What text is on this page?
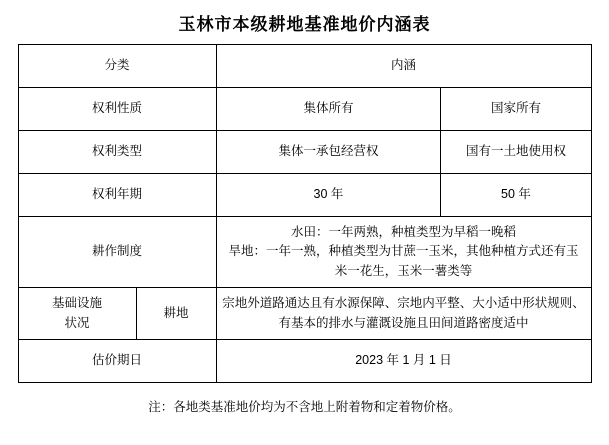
玉林市本级耕地基准地价内涵表
分类		内涵	
权利性质		集体所有	国家所有
权利类型		集体一承包经营权	国有一土地使用权
权利年期		30 年	50 年
耕作制度		水田：一年两熟，种植类型为早稻一晚稻
旱地：一年一熟，种植类型为甘蔗一玉米，其他种植方式还有玉
米一花生，玉米一薯类等	

基础设施
状况	耕地	宗地外道路通达且有水源保障、宗地内平整、大小适中形状规则、
有基本的排水与灌溉设施且田间道路密度适中	

估价期日		2023 年 1 月 1 日	
注：各地类基准地价均为不含地上附着物和定着物价格。
